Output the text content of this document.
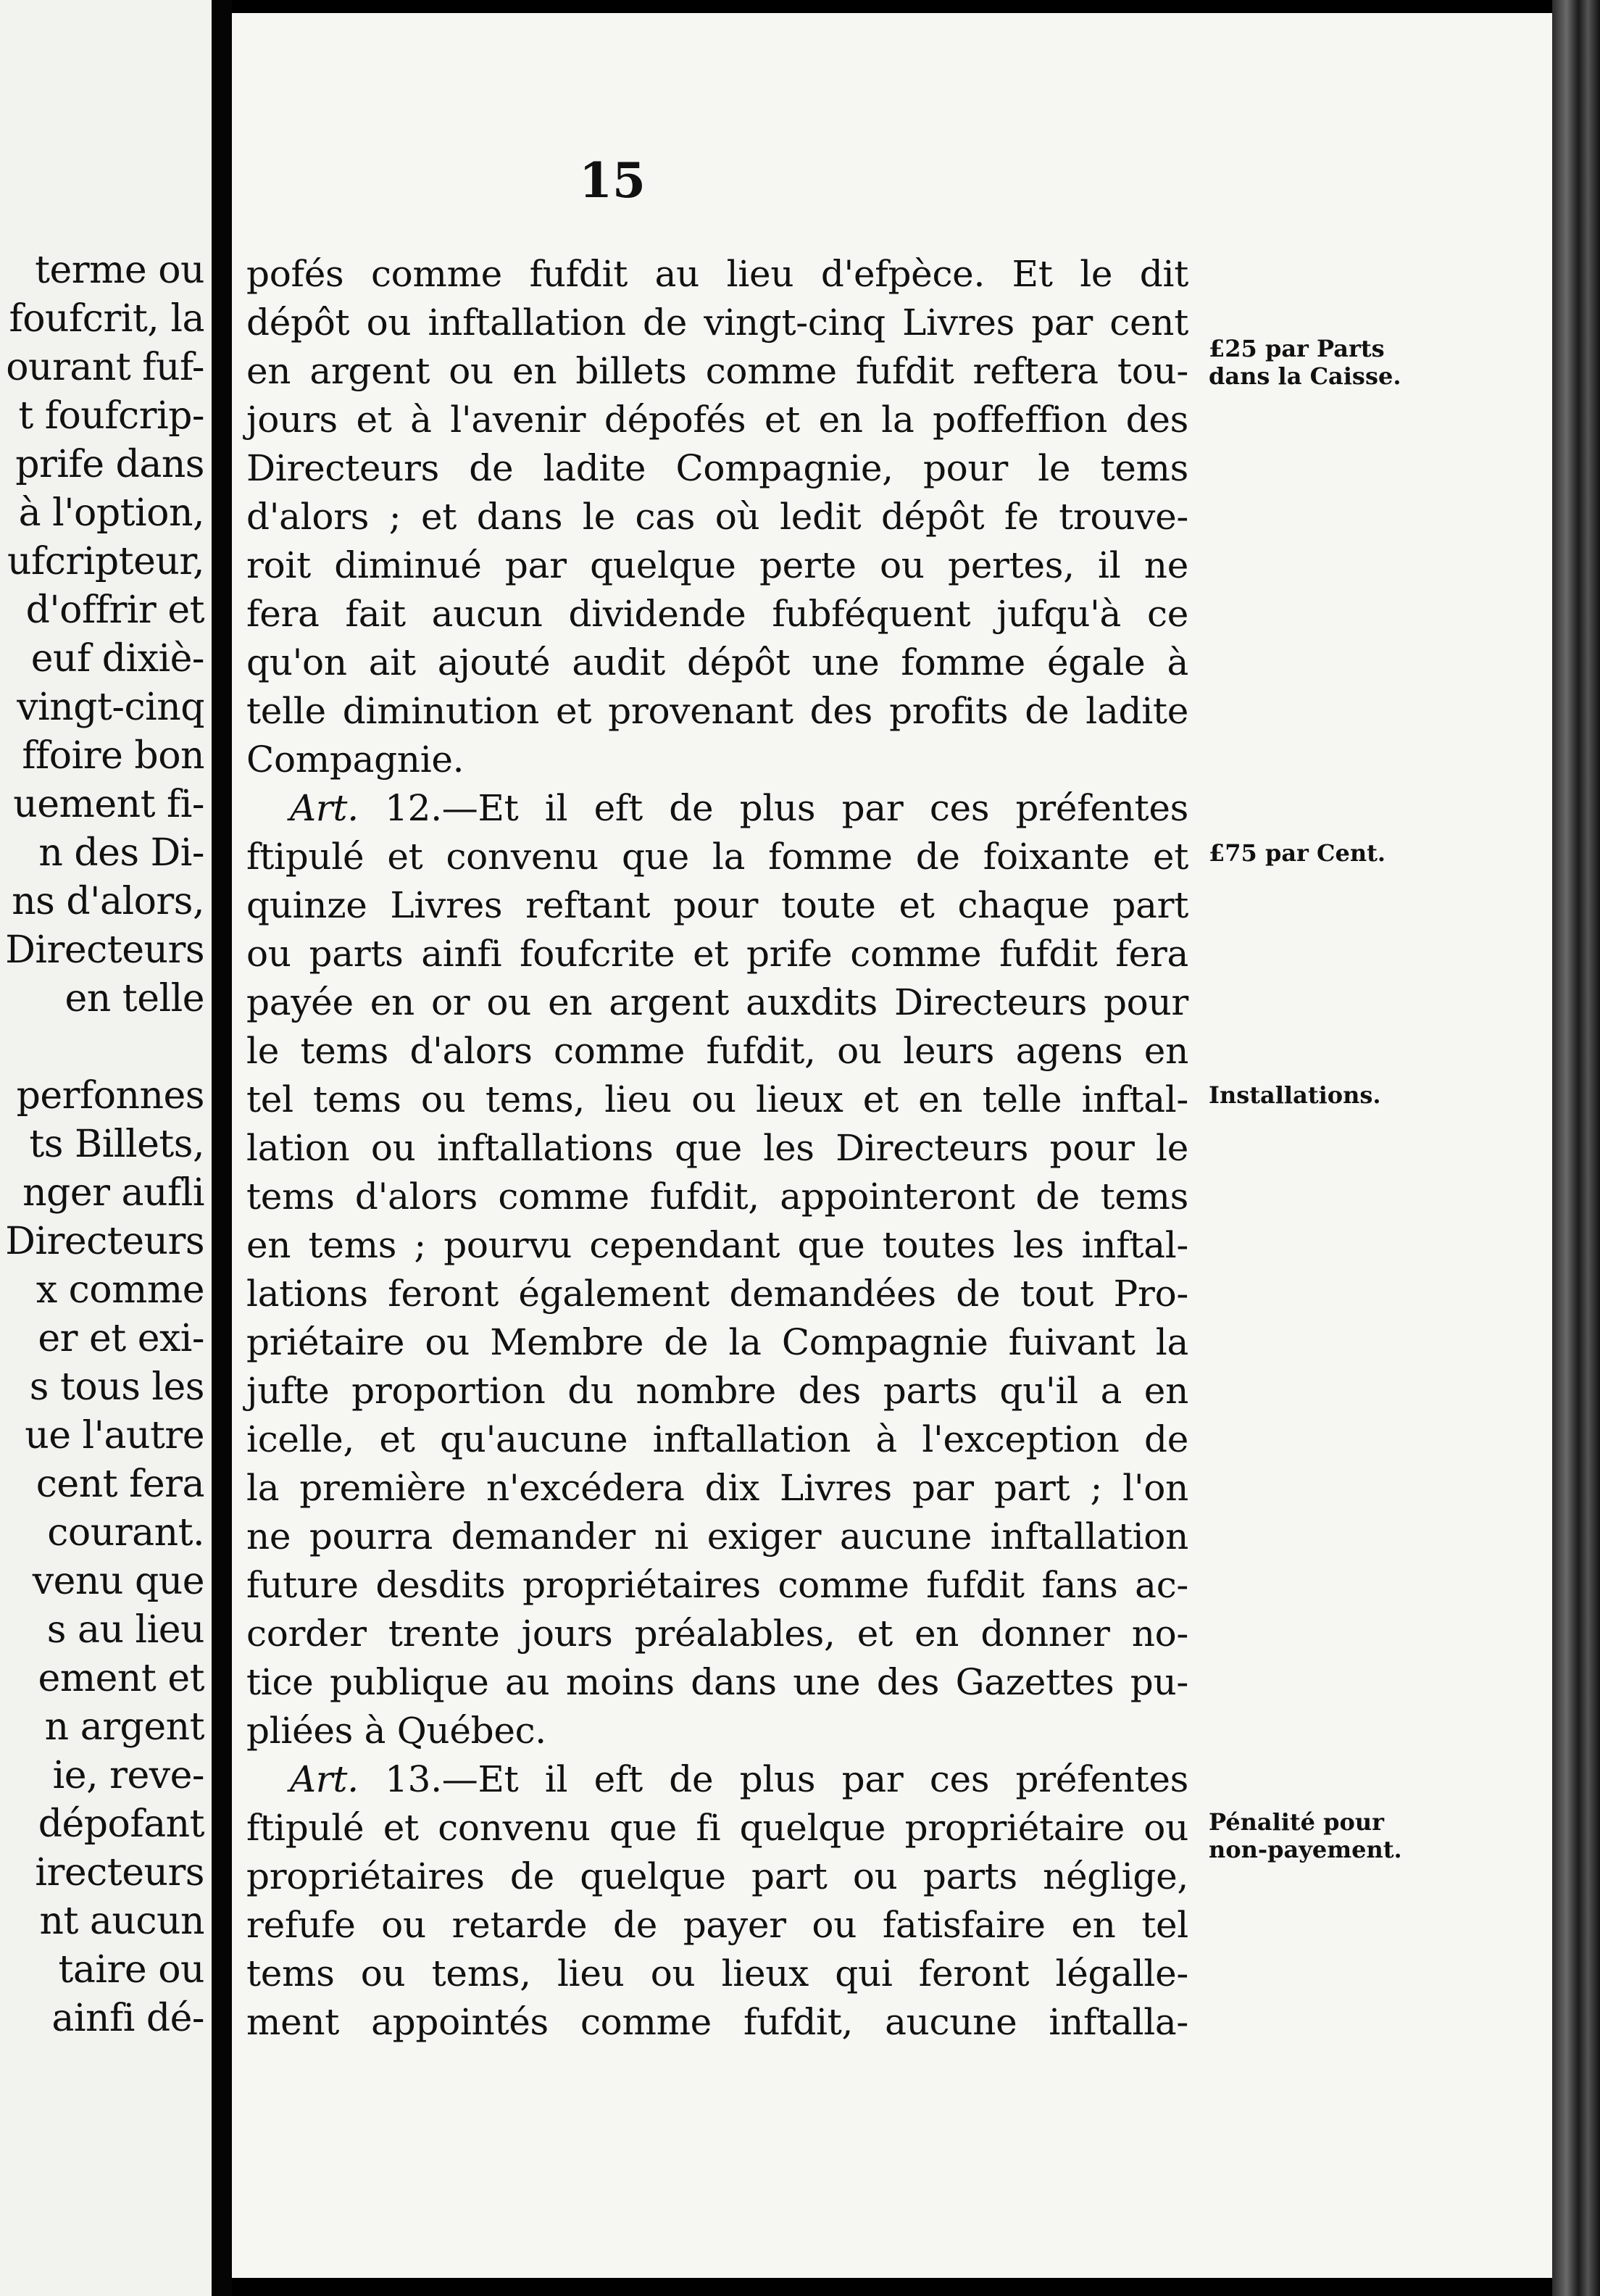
terme ou
foufcrit, la
ourant fuf-
t foufcrip-
prife dans
à l'option,
ufcripteur,
d'offrir et
euf dixiè-
vingt-cinq
ffoire bon
uement fi-
n des Di-
ns d'alors,
Directeurs
en telle
perfonnes
ts Billets,
nger aufli
Directeurs
x comme
er et exi-
s tous les
ue l'autre
cent fera
courant.
venu que
s au lieu
ement et
n argent
ie, reve-
dépofant
irecteurs
nt aucun
taire ou
ainfi dé-

15
pofés comme fufdit au lieu d'efpèce. Et le dit
dépôt ou inftallation de vingt-cinq Livres par cent
en argent ou en billets comme fufdit reftera tou-
jours et à l'avenir dépofés et en la poffeffion des
Directeurs de ladite Compagnie, pour le tems
d'alors ; et dans le cas où ledit dépôt fe trouve-
roit diminué par quelque perte ou pertes, il ne
fera fait aucun dividende fubféquent jufqu'à ce
qu'on ait ajouté audit dépôt une fomme égale à
telle diminution et provenant des profits de ladite
Compagnie.
Art. 12.—Et il eft de plus par ces préfentes
ftipulé et convenu que la fomme de foixante et
quinze Livres reftant pour toute et chaque part
ou parts ainfi foufcrite et prife comme fufdit fera
payée en or ou en argent auxdits Directeurs pour
le tems d'alors comme fufdit, ou leurs agens en
tel tems ou tems, lieu ou lieux et en telle inftal-
lation ou inftallations que les Directeurs pour le
tems d'alors comme fufdit, appointeront de tems
en tems ; pourvu cependant que toutes les inftal-
lations feront également demandées de tout Pro-
priétaire ou Membre de la Compagnie fuivant la
jufte proportion du nombre des parts qu'il a en
icelle, et qu'aucune inftallation à l'exception de
la première n'excédera dix Livres par part ; l'on
ne pourra demander ni exiger aucune inftallation
future desdits propriétaires comme fufdit fans ac-
corder trente jours préalables, et en donner no-
tice publique au moins dans une des Gazettes pu-
pliées à Québec.
Art. 13.—Et il eft de plus par ces préfentes
ftipulé et convenu que fi quelque propriétaire ou
propriétaires de quelque part ou parts néglige,
refufe ou retarde de payer ou fatisfaire en tel
tems ou tems, lieu ou lieux qui feront légalle-
ment appointés comme fufdit, aucune inftalla-
£25 par Parts
dans la Caisse.
£75 par Cent.
Installations.
Pénalité pour
non-payement.
